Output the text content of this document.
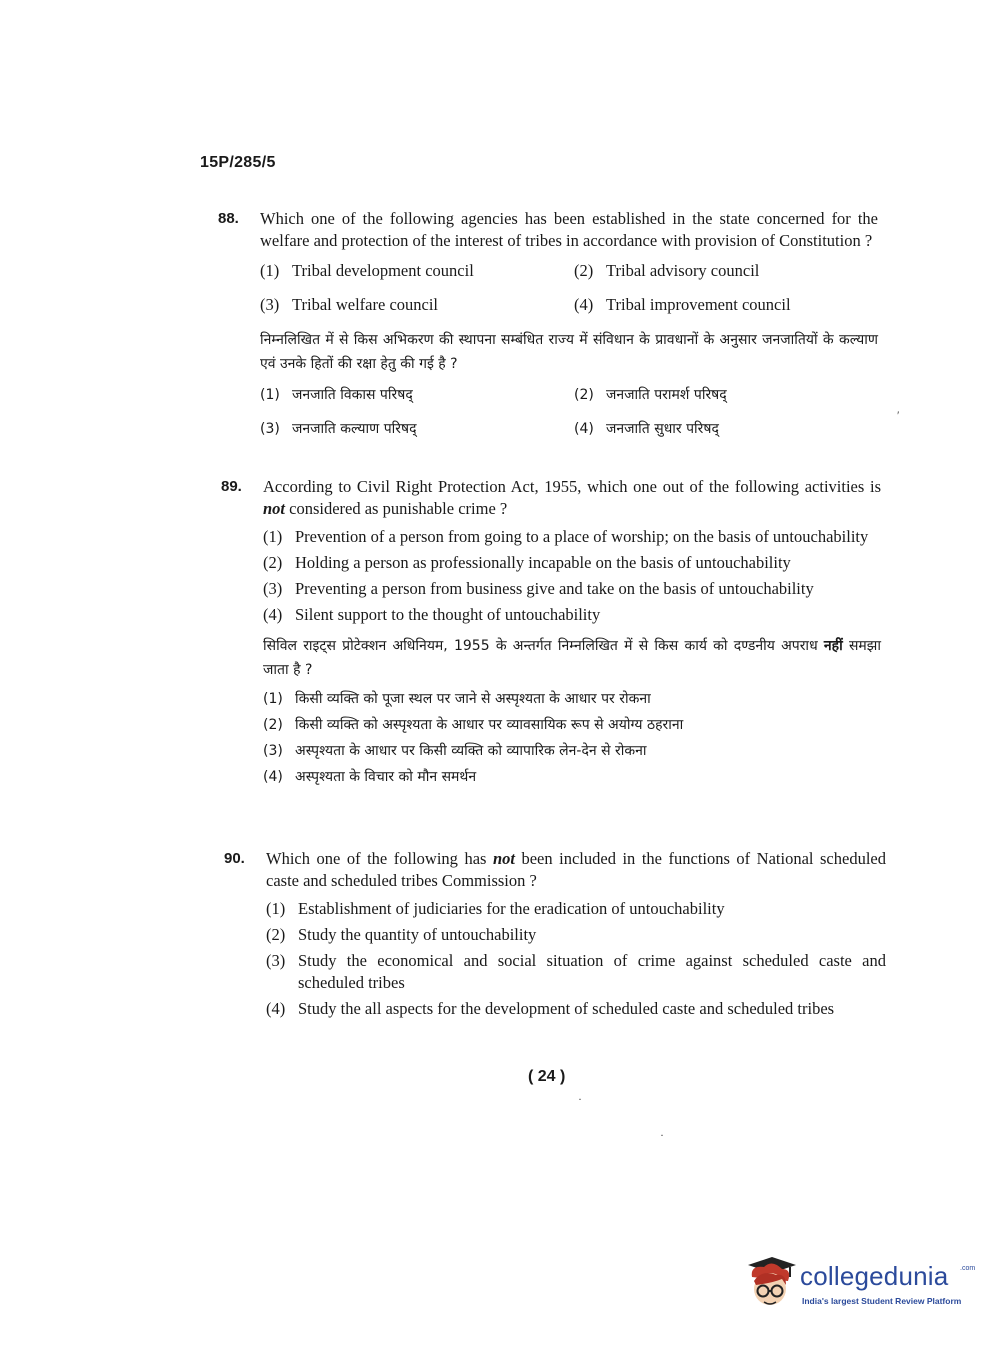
15P/285/5
88. Which one of the following agencies has been established in the state concerned for the welfare and protection of the interest of tribes in accordance with provision of Constitution ?
(1) Tribal development council	(2) Tribal advisory council
(3) Tribal welfare council	(4) Tribal improvement council
निम्नलिखित में से किस अभिकरण की स्थापना सम्बंधित राज्य में संविधान के प्रावधानों के अनुसार जनजातियों के कल्याण एवं उनके हितों की रक्षा हेतु की गई है ?
(1) जनजाति विकास परिषद्	(2) जनजाति परामर्श परिषद्
(3) जनजाति कल्याण परिषद्	(4) जनजाति सुधार परिषद्
89. According to Civil Right Protection Act, 1955, which one out of the following activities is not considered as punishable crime ?
(1) Prevention of a person from going to a place of worship; on the basis of untouchability
(2) Holding a person as professionally incapable on the basis of untouchability
(3) Preventing a person from business give and take on the basis of untouchability
(4) Silent support to the thought of untouchability
सिविल राइट्स प्रोटेक्शन अधिनियम, 1955 के अन्तर्गत निम्नलिखित में से किस कार्य को दण्डनीय अपराध नहीं समझा जाता है ?
(1) किसी व्यक्ति को पूजा स्थल पर जाने से अस्पृश्यता के आधार पर रोकना
(2) किसी व्यक्ति को अस्पृश्यता के आधार पर व्यावसायिक रूप से अयोग्य ठहराना
(3) अस्पृश्यता के आधार पर किसी व्यक्ति को व्यापारिक लेन-देन से रोकना
(4) अस्पृश्यता के विचार को मौन समर्थन
90. Which one of the following has not been included in the functions of National scheduled caste and scheduled tribes Commission ?
(1) Establishment of judiciaries for the eradication of untouchability
(2) Study the quantity of untouchability
(3) Study the economical and social situation of crime against scheduled caste and scheduled tribes
(4) Study the all aspects for the development of scheduled caste and scheduled tribes
( 24 )
′
·
·
collegedunia .com
India's largest Student Review Platform
